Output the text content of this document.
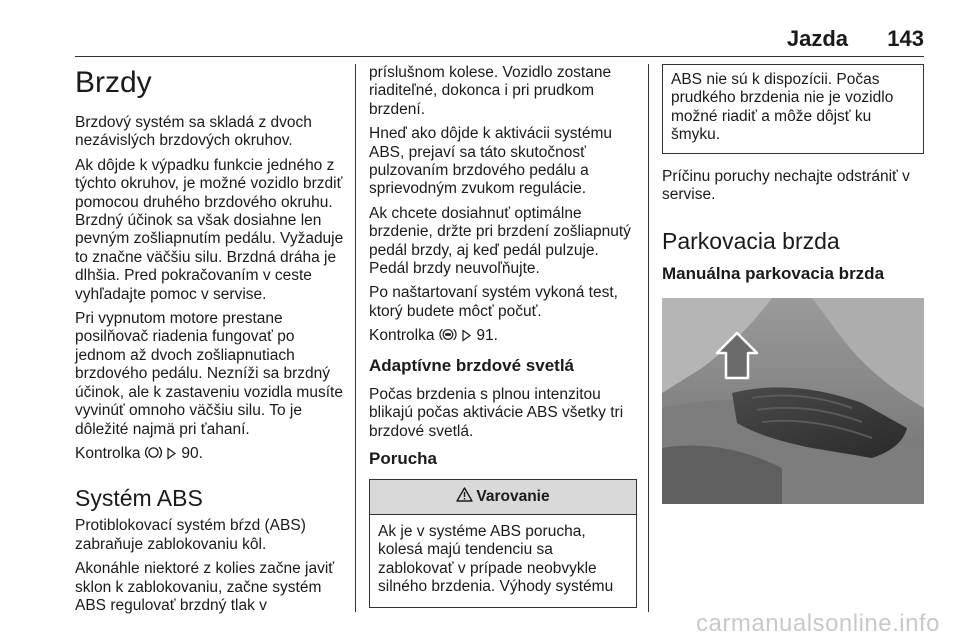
Jazda 143
Brzdy

Brzdový systém sa skladá z dvoch nezávislých brzdových okruhov.

Ak dôjde k výpadku funkcie jedného z týchto okruhov, je možné vozidlo brzdiť pomocou druhého brzdového okruhu. Brzdný účinok sa však dosiahne len pevným zošliapnutím pedálu. Vyžaduje to značne väčšiu silu. Brzdná dráha je dlhšia. Pred pokračovaním v ceste vyhľadajte pomoc v servise.

Pri vypnutom motore prestane posilňovač riadenia fungovať po jednom až dvoch zošliapnutiach brzdového pedálu. Nezníži sa brzdný účinok, ale k zastaveniu vozidla musíte vyvinúť omnoho väčšiu silu. To je dôležité najmä pri ťahaní.

Kontrolka	90.

Systém ABS

Protiblokovací systém bŕzd (ABS) zabraňuje zablokovaniu kôl.

Akonáhle niektoré z kolies začne javiť sklon k zablokovaniu, začne systém ABS regulovať brzdný tlak v

príslušnom kolese. Vozidlo zostane riaditeľné, dokonca i pri prudkom brzdení.

Hneď ako dôjde k aktivácii systému ABS, prejaví sa táto skutočnosť pulzovaním brzdového pedálu a sprievodným zvukom regulácie.

Ak chcete dosiahnuť optimálne brzdenie, držte pri brzdení zošliapnutý pedál brzdy, aj keď pedál pulzuje. Pedál brzdy neuvoľňujte.

Po naštartovaní systém vykoná test, ktorý budete môcť počuť.

Kontrolka	91.

Adaptívne brzdové svetlá

Počas brzdenia s plnou intenzitou blikajú počas aktivácie ABS všetky tri brzdové svetlá.

Porucha
Varovanie
Ak je v systéme ABS porucha, kolesá majú tendenciu sa zablokovať v prípade neobvykle silného brzdenia. Výhody systému
ABS nie sú k dispozícii. Počas prudkého brzdenia nie je vozidlo možné riadiť a môže dôjsť ku šmyku.

Príčinu poruchy nechajte odstrániť v servise.

Parkovacia brzda
Manuálna parkovacia brzda
carmanualsonline.info
